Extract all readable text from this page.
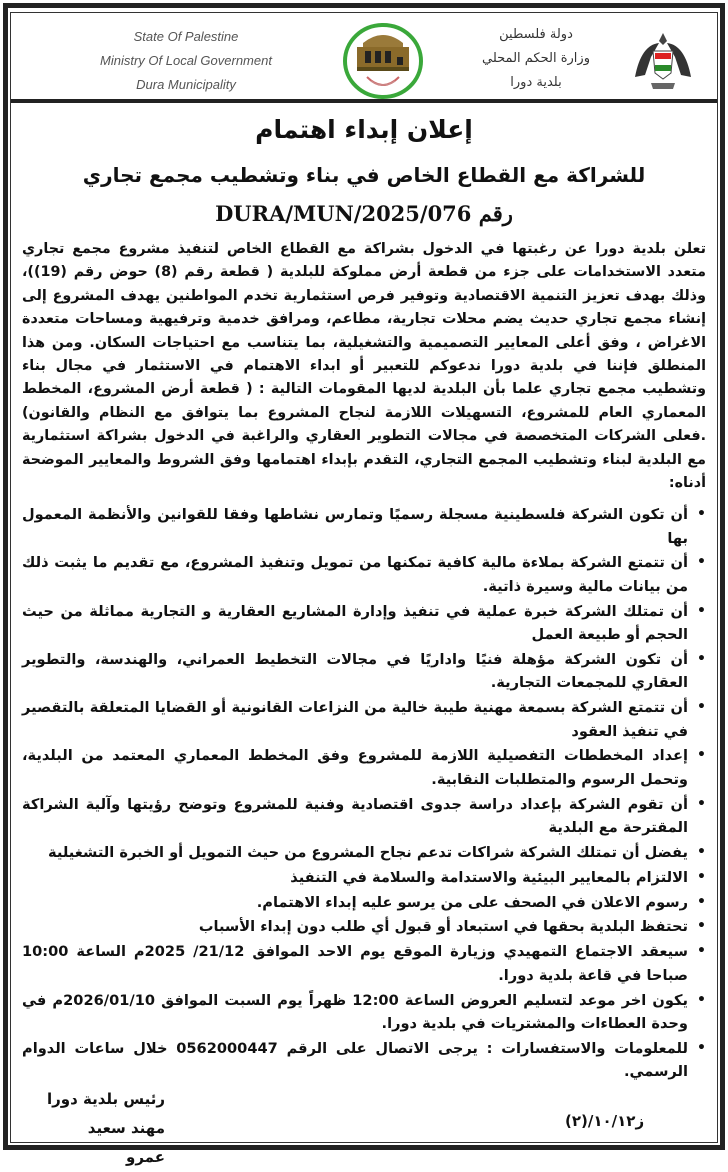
State Of Palestine
Ministry Of Local Government
Dura Municipality
دولة فلسطين
وزارة الحكم المحلي
بلدية دورا
إعلان إبداء اهتمام
للشراكة مع القطاع الخاص في بناء وتشطيب مجمع تجاري
رقم DURA/MUN/2025/076
تعلن بلدية دورا عن رغبتها في الدخول بشراكة مع القطاع الخاص لتنفيذ مشروع مجمع تجاري متعدد الاستخدامات على جزء من قطعة أرض مملوكة للبلدية ( قطعة رقم (8) حوض رقم (19))، وذلك بهدف تعزيز التنمية الاقتصادية وتوفير فرص استثمارية تخدم المواطنين يهدف المشروع إلى إنشاء مجمع تجاري حديث يضم محلات تجارية، مطاعم، ومرافق خدمية وترفيهية ومساحات متعددة الاغراض ، وفق أعلى المعايير التصميمية والتشغيلية، بما يتناسب مع احتياجات السكان. ومن هذا المنطلق فإننا في بلدية دورا ندعوكم للتعبير أو ابداء الاهتمام في الاستثمار في مجال بناء وتشطيب مجمع تجاري علما بأن البلدية لديها المقومات التالية : ( قطعة أرض المشروع، المخطط المعماري العام للمشروع، التسهيلات اللازمة لنجاح المشروع بما يتوافق مع النظام والقانون) .فعلى الشركات المتخصصة في مجالات التطوير العقاري والراغبة في الدخول بشراكة استثمارية مع البلدية لبناء وتشطيب المجمع التجاري، التقدم بإبداء اهتمامها وفق الشروط والمعايير الموضحة أدناه:
• أن تكون الشركة فلسطينية مسجلة رسميًا وتمارس نشاطها وفقا للقوانين والأنظمة المعمول بها
• أن تتمتع الشركة بملاءة مالية كافية تمكنها من تمويل وتنفيذ المشروع، مع تقديم ما يثبت ذلك من بيانات مالية وسيرة ذاتية.
• أن تمتلك الشركة خبرة عملية في تنفيذ وإدارة المشاريع العقارية و التجارية مماثلة من حيث الحجم أو طبيعة العمل
• أن تكون الشركة مؤهلة فنيًا واداريًا في مجالات التخطيط العمراني، والهندسة، والتطوير العقاري للمجمعات التجارية.
• أن تتمتع الشركة بسمعة مهنية طيبة خالية من النزاعات القانونية أو القضايا المتعلقة بالتقصير في تنفيذ العقود
• إعداد المخططات التفصيلية اللازمة للمشروع وفق المخطط المعماري المعتمد من البلدية، وتحمل الرسوم والمتطلبات النقابية.
• أن تقوم الشركة بإعداد دراسة جدوى اقتصادية وفنية للمشروع وتوضح رؤيتها وآلية الشراكة المقترحة مع البلدية
• يفضل أن تمتلك الشركة شراكات تدعم نجاح المشروع من حيث التمويل أو الخبرة التشغيلية
• الالتزام بالمعايير البيئية والاستدامة والسلامة في التنفيذ
• رسوم الاعلان في الصحف على من يرسو عليه إبداء الاهتمام.
• تحتفظ البلدية بحقها في استبعاد أو قبول أي طلب دون إبداء الأسباب
• سيعقد الاجتماع التمهيدي وزيارة الموقع يوم الاحد الموافق 21/12/ 2025م الساعة 10:00 صباحا في قاعة بلدية دورا.
• يكون اخر موعد لتسليم العروض الساعة 12:00 ظهراً يوم السبت الموافق 2026/01/10م في وحدة العطاءات والمشتريات في بلدية دورا.
• للمعلومات والاستفسارات : يرجى الاتصال على الرقم 0562000447 خلال ساعات الدوام الرسمي.
رئيس بلدية دورا
مهند سعيد عمرو
ز١٠/١٢/(٢)
